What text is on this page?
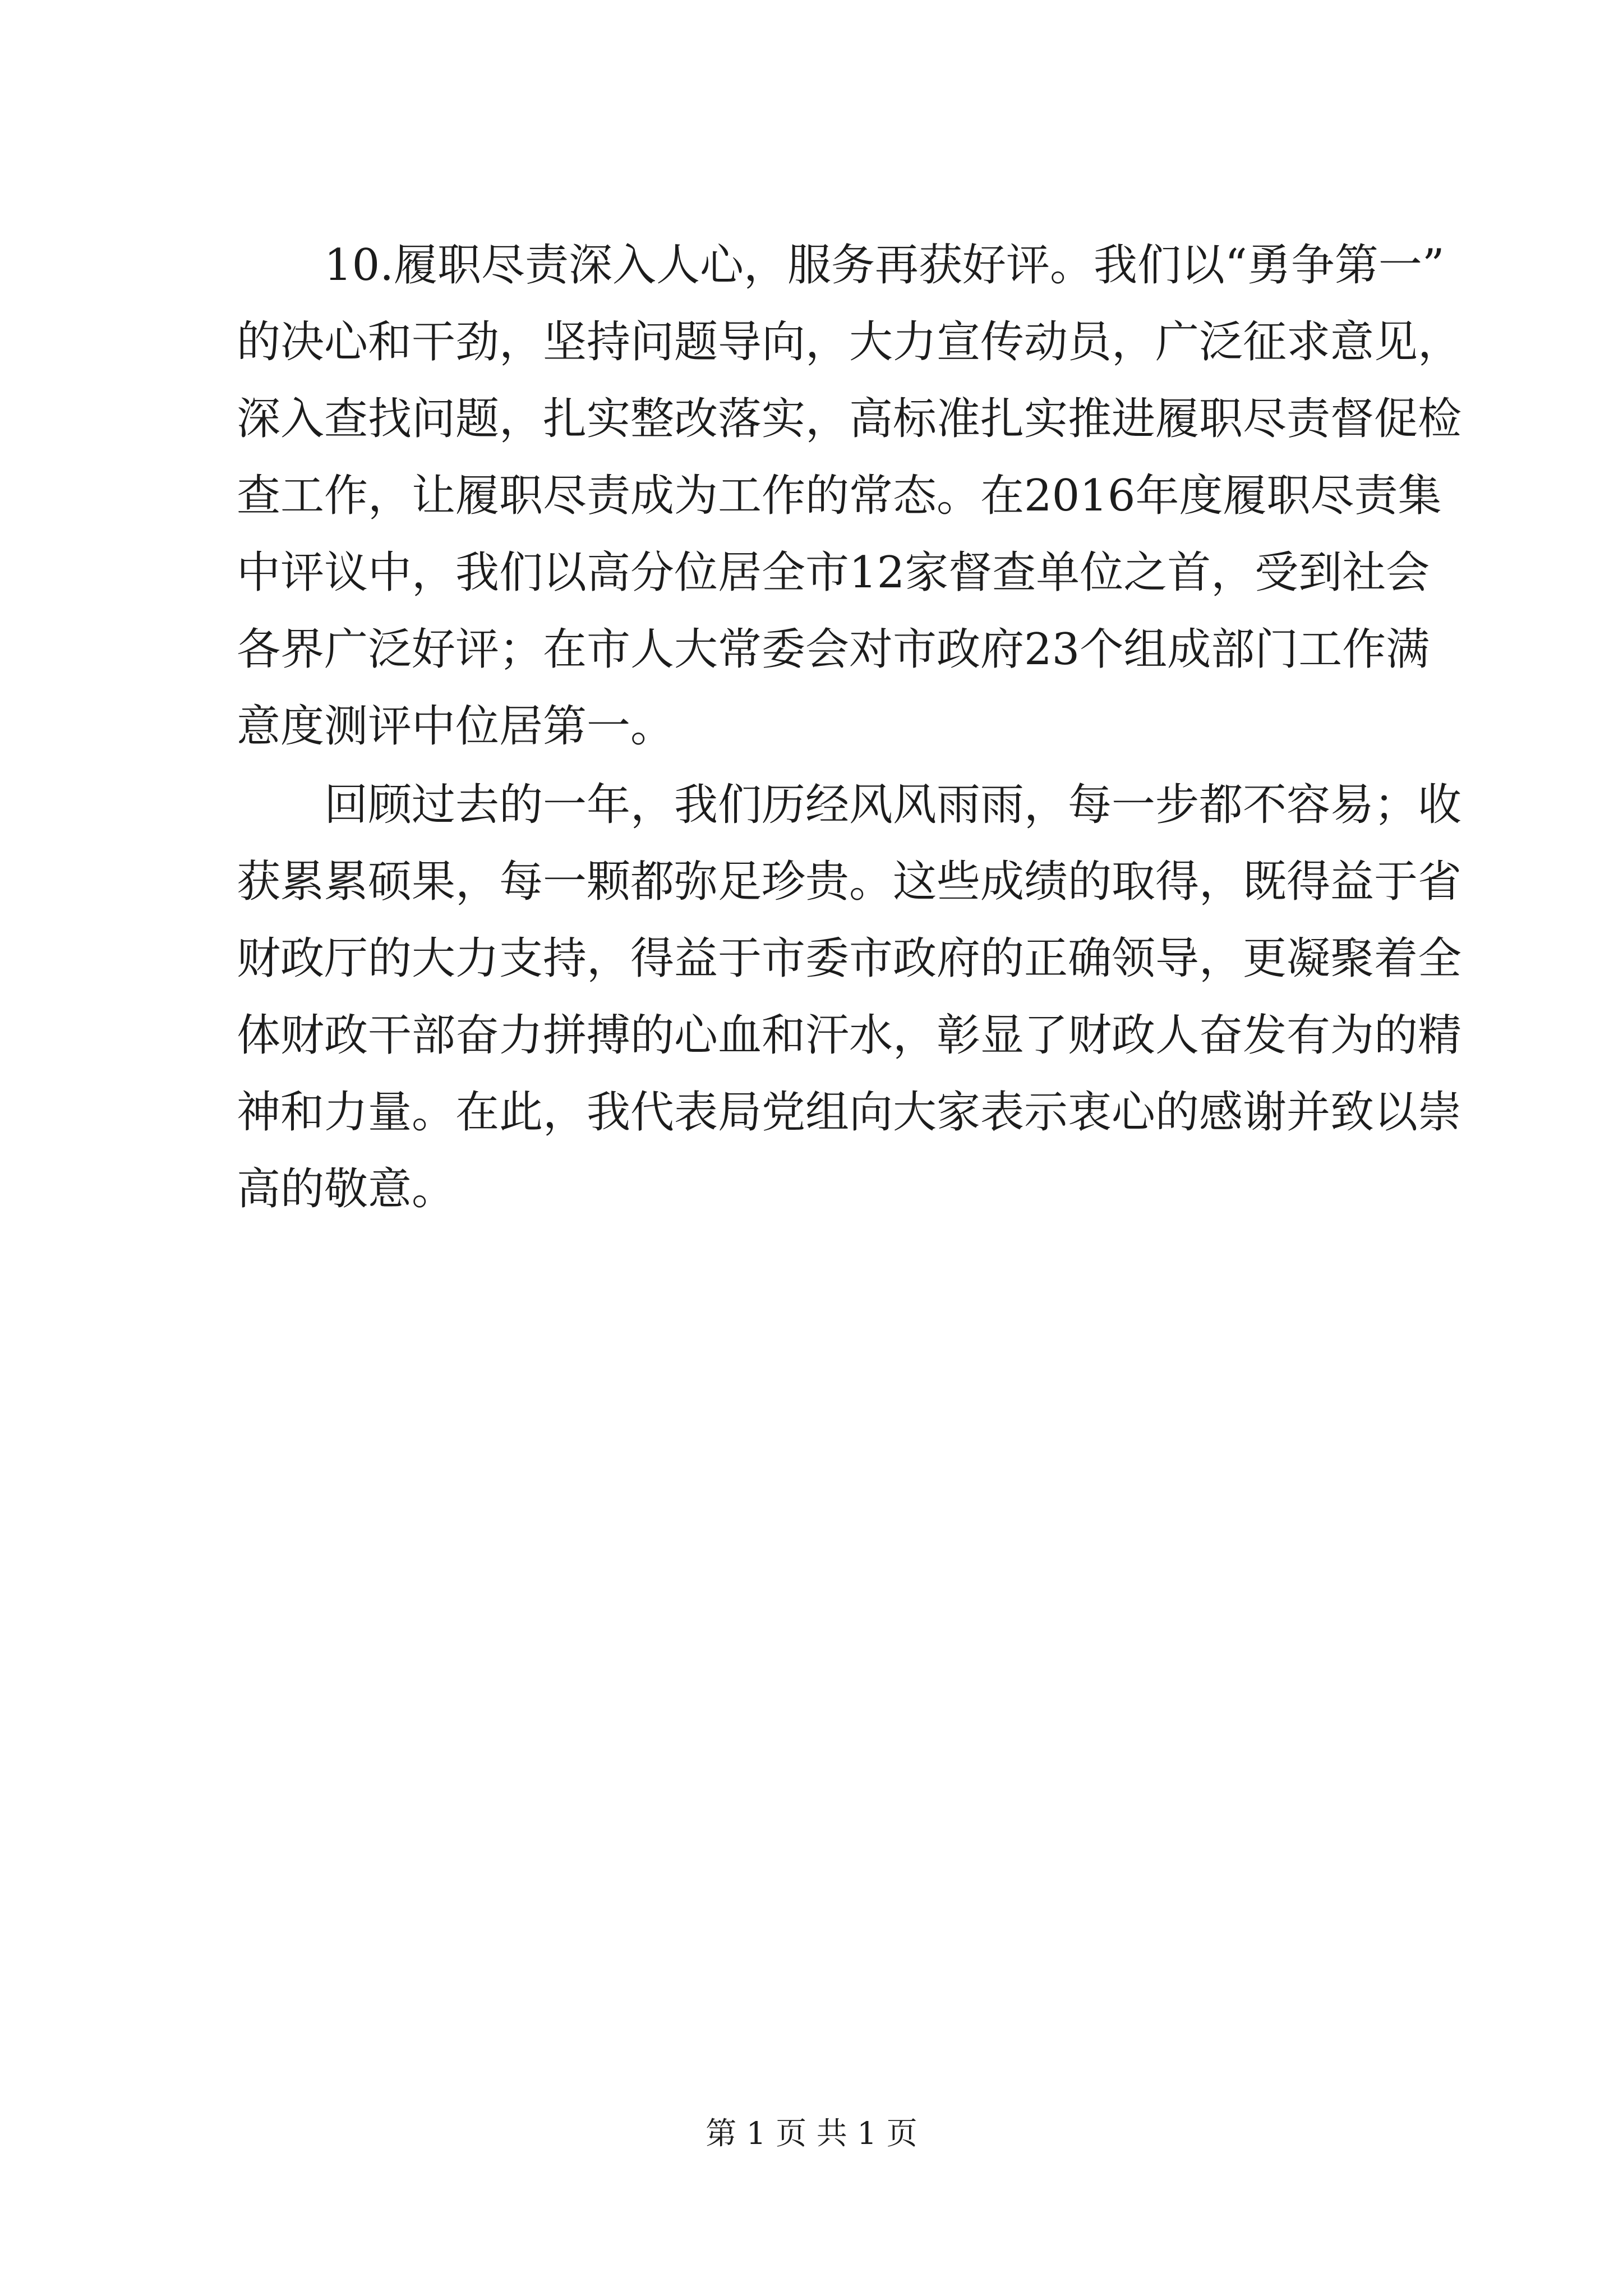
10.履职尽责深入人心，服务再获好评。我们以“勇争第一”
的决心和干劲，坚持问题导向，大力宣传动员，广泛征求意见，
深入查找问题，扎实整改落实，高标准扎实推进履职尽责督促检
查工作，让履职尽责成为工作的常态。在2016年度履职尽责集
中评议中，我们以高分位居全市12家督查单位之首，受到社会
各界广泛好评；在市人大常委会对市政府23个组成部门工作满
意度测评中位居第一。
回顾过去的一年，我们历经风风雨雨，每一步都不容易；收
获累累硕果，每一颗都弥足珍贵。这些成绩的取得，既得益于省
财政厅的大力支持，得益于市委市政府的正确领导，更凝聚着全
体财政干部奋力拼搏的心血和汗水，彰显了财政人奋发有为的精
神和力量。在此，我代表局党组向大家表示衷心的感谢并致以崇
高的敬意。
第 1 页 共 1 页
